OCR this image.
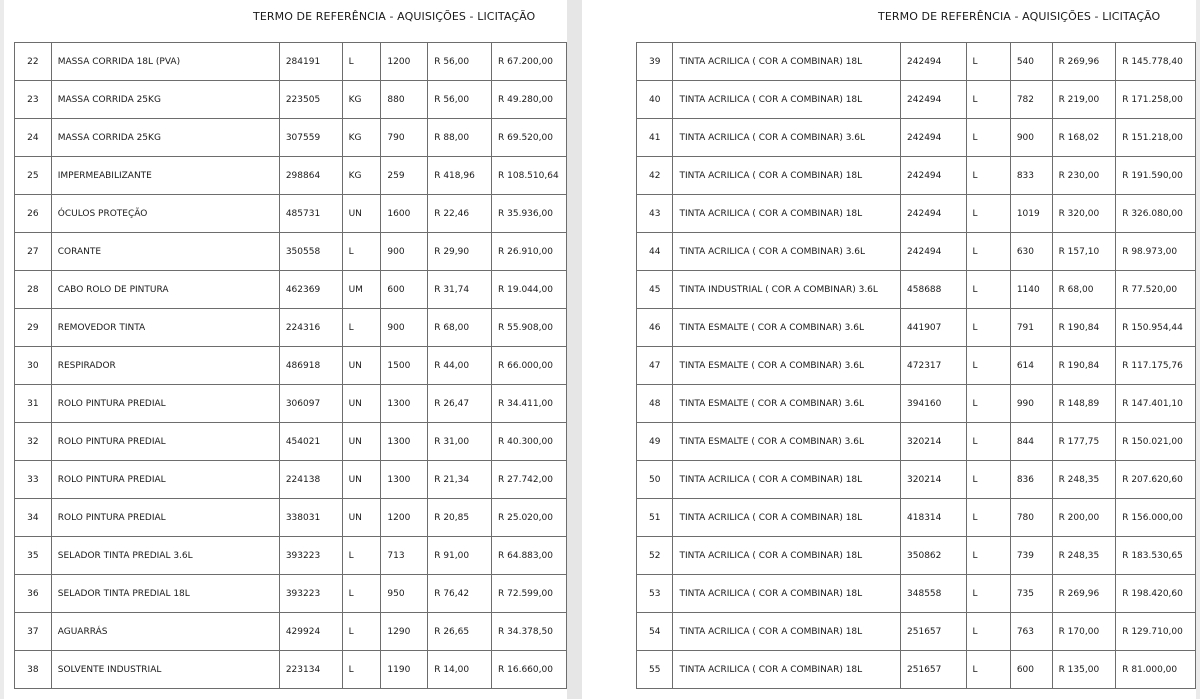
TERMO DE REFERÊNCIA - AQUISIÇÕES - LICITAÇÃO
22	MASSA CORRIDA 18L (PVA)	284191	L	1200	R 56,00	R 67.200,00
23	MASSA CORRIDA 25KG	223505	KG	880	R 56,00	R 49.280,00
24	MASSA CORRIDA 25KG	307559	KG	790	R 88,00	R 69.520,00
25	IMPERMEABILIZANTE	298864	KG	259	R 418,96	R 108.510,64
26	ÓCULOS PROTEÇÃO	485731	UN	1600	R 22,46	R 35.936,00
27	CORANTE	350558	L	900	R 29,90	R 26.910,00
28	CABO ROLO DE PINTURA	462369	UM	600	R 31,74	R 19.044,00
29	REMOVEDOR TINTA	224316	L	900	R 68,00	R 55.908,00
30	RESPIRADOR	486918	UN	1500	R 44,00	R 66.000,00
31	ROLO PINTURA PREDIAL	306097	UN	1300	R 26,47	R 34.411,00
32	ROLO PINTURA PREDIAL	454021	UN	1300	R 31,00	R 40.300,00
33	ROLO PINTURA PREDIAL	224138	UN	1300	R 21,34	R 27.742,00
34	ROLO PINTURA PREDIAL	338031	UN	1200	R 20,85	R 25.020,00
35	SELADOR TINTA PREDIAL 3.6L	393223	L	713	R 91,00	R 64.883,00
36	SELADOR TINTA PREDIAL 18L	393223	L	950	R 76,42	R 72.599,00
37	AGUARRÁS	429924	L	1290	R 26,65	R 34.378,50
38	SOLVENTE INDUSTRIAL	223134	L	1190	R 14,00	R 16.660,00
TERMO DE REFERÊNCIA - AQUISIÇÕES - LICITAÇÃO
39	TINTA ACRILICA ( COR A COMBINAR) 18L	242494	L	540	R 269,96	R 145.778,40
40	TINTA ACRILICA ( COR A COMBINAR) 18L	242494	L	782	R 219,00	R 171.258,00
41	TINTA ACRILICA ( COR A COMBINAR) 3.6L	242494	L	900	R 168,02	R 151.218,00
42	TINTA ACRILICA ( COR A COMBINAR) 18L	242494	L	833	R 230,00	R 191.590,00
43	TINTA ACRILICA ( COR A COMBINAR) 18L	242494	L	1019	R 320,00	R 326.080,00
44	TINTA ACRILICA ( COR A COMBINAR) 3.6L	242494	L	630	R 157,10	R 98.973,00
45	TINTA INDUSTRIAL ( COR A COMBINAR) 3.6L	458688	L	1140	R 68,00	R 77.520,00
46	TINTA ESMALTE ( COR A COMBINAR) 3.6L	441907	L	791	R 190,84	R 150.954,44
47	TINTA ESMALTE ( COR A COMBINAR) 3.6L	472317	L	614	R 190,84	R 117.175,76
48	TINTA ESMALTE ( COR A COMBINAR) 3.6L	394160	L	990	R 148,89	R 147.401,10
49	TINTA ESMALTE ( COR A COMBINAR) 3.6L	320214	L	844	R 177,75	R 150.021,00
50	TINTA ACRILICA ( COR A COMBINAR) 18L	320214	L	836	R 248,35	R 207.620,60
51	TINTA ACRILICA ( COR A COMBINAR) 18L	418314	L	780	R 200,00	R 156.000,00
52	TINTA ACRILICA ( COR A COMBINAR) 18L	350862	L	739	R 248,35	R 183.530,65
53	TINTA ACRILICA ( COR A COMBINAR) 18L	348558	L	735	R 269,96	R 198.420,60
54	TINTA ACRILICA ( COR A COMBINAR) 18L	251657	L	763	R 170,00	R 129.710,00
55	TINTA ACRILICA ( COR A COMBINAR) 18L	251657	L	600	R 135,00	R 81.000,00
